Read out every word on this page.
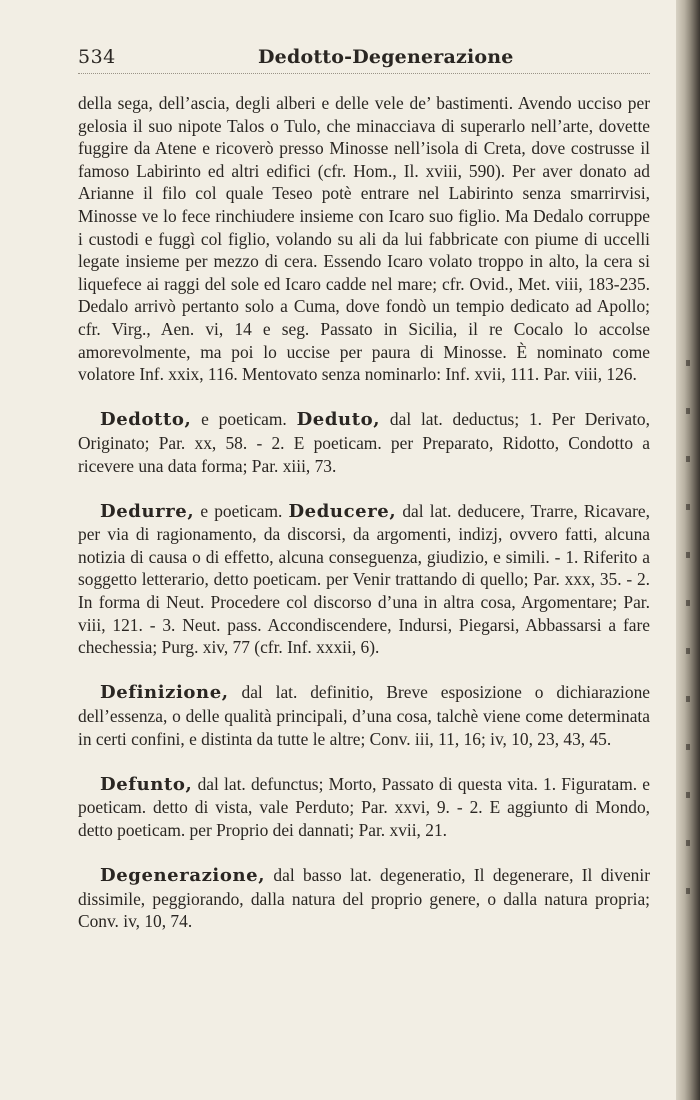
534	Dedotto-Degenerazione

della sega, dell’ascia, degli alberi e delle vele de’ bastimenti. Avendo ucciso per gelosia il suo nipote Talos o Tulo, che minacciava di superarlo nell’arte, dovette fuggire da Atene e ricoverò presso Minosse nell’isola di Creta, dove costrusse il famoso Labirinto ed altri edifici (cfr. Hom., Il. xviii, 590). Per aver donato ad Arianne il filo col quale Teseo potè entrare nel Labirinto senza smarrirvisi, Minosse ve lo fece rinchiudere insieme con Icaro suo figlio. Ma Dedalo corruppe i custodi e fuggì col figlio, volando su ali da lui fabbricate con piume di uccelli legate insieme per mezzo di cera. Essendo Icaro volato troppo in alto, la cera si liquefece ai raggi del sole ed Icaro cadde nel mare; cfr. Ovid., Met. viii, 183-235. Dedalo arrivò pertanto solo a Cuma, dove fondò un tempio dedicato ad Apollo; cfr. Virg., Aen. vi, 14 e seg. Passato in Sicilia, il re Cocalo lo accolse amorevolmente, ma poi lo uccise per paura di Minosse. È nominato come volatore Inf. xxix, 116. Mentovato senza nominarlo: Inf. xvii, 111. Par. viii, 126.

Dedotto, e poeticam. Deduto, dal lat. deductus; 1. Per Derivato, Originato; Par. xx, 58. - 2. E poeticam. per Preparato, Ridotto, Condotto a ricevere una data forma; Par. xiii, 73.

Dedurre, e poeticam. Deducere, dal lat. deducere, Trarre, Ricavare, per via di ragionamento, da discorsi, da argomenti, indizj, ovvero fatti, alcuna notizia di causa o di effetto, alcuna conseguenza, giudizio, e simili. - 1. Riferito a soggetto letterario, detto poeticam. per Venir trattando di quello; Par. xxx, 35. - 2. In forma di Neut. Procedere col discorso d’una in altra cosa, Argomentare; Par. viii, 121. - 3. Neut. pass. Accondiscendere, Indursi, Piegarsi, Abbassarsi a fare chechessia; Purg. xiv, 77 (cfr. Inf. xxxii, 6).

Definizione, dal lat. definitio, Breve esposizione o dichiarazione dell’essenza, o delle qualità principali, d’una cosa, talchè viene come determinata in certi confini, e distinta da tutte le altre; Conv. iii, 11, 16; iv, 10, 23, 43, 45.

Defunto, dal lat. defunctus; Morto, Passato di questa vita. 1. Figuratam. e poeticam. detto di vista, vale Perduto; Par. xxvi, 9. - 2. E aggiunto di Mondo, detto poeticam. per Proprio dei dannati; Par. xvii, 21.

Degenerazione, dal basso lat. degeneratio, Il degenerare, Il divenir dissimile, peggiorando, dalla natura del proprio genere, o dalla natura propria; Conv. iv, 10, 74.
